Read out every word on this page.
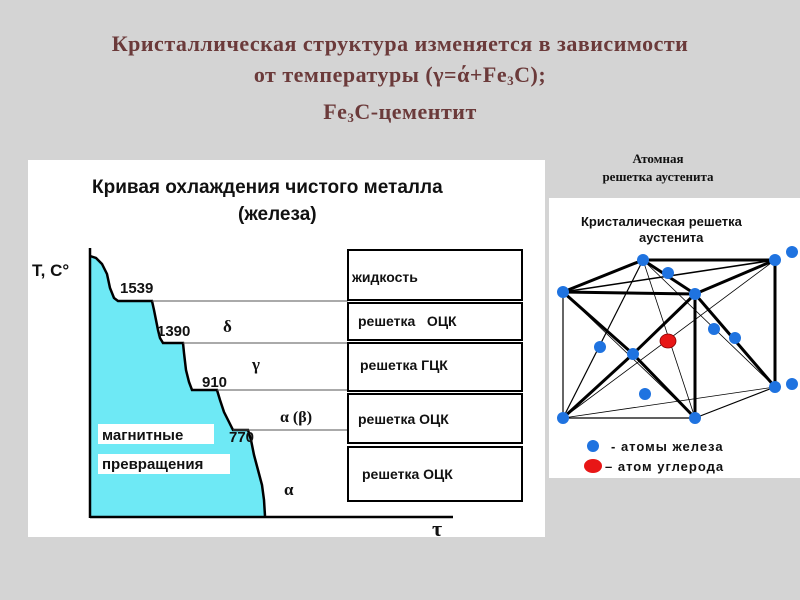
Кристаллическая структура изменяется в зависимости
от температуры $(\gamma=ά+Fe_3C)$;
$Fe_3C$-цементит
Кривая охлаждения чистого металла
(железа)
Т, С°
τ
1539
1390
910
770
δ
γ
α (β)
α
магнитные
превращения
жидкость
решетка   ОЦК
решетка ГЦК
решетка ОЦК
решетка ОЦК
Атомная
решетка аустенита
Кристалическая решетка
аустенита
- атомы железа
– атом углерода
